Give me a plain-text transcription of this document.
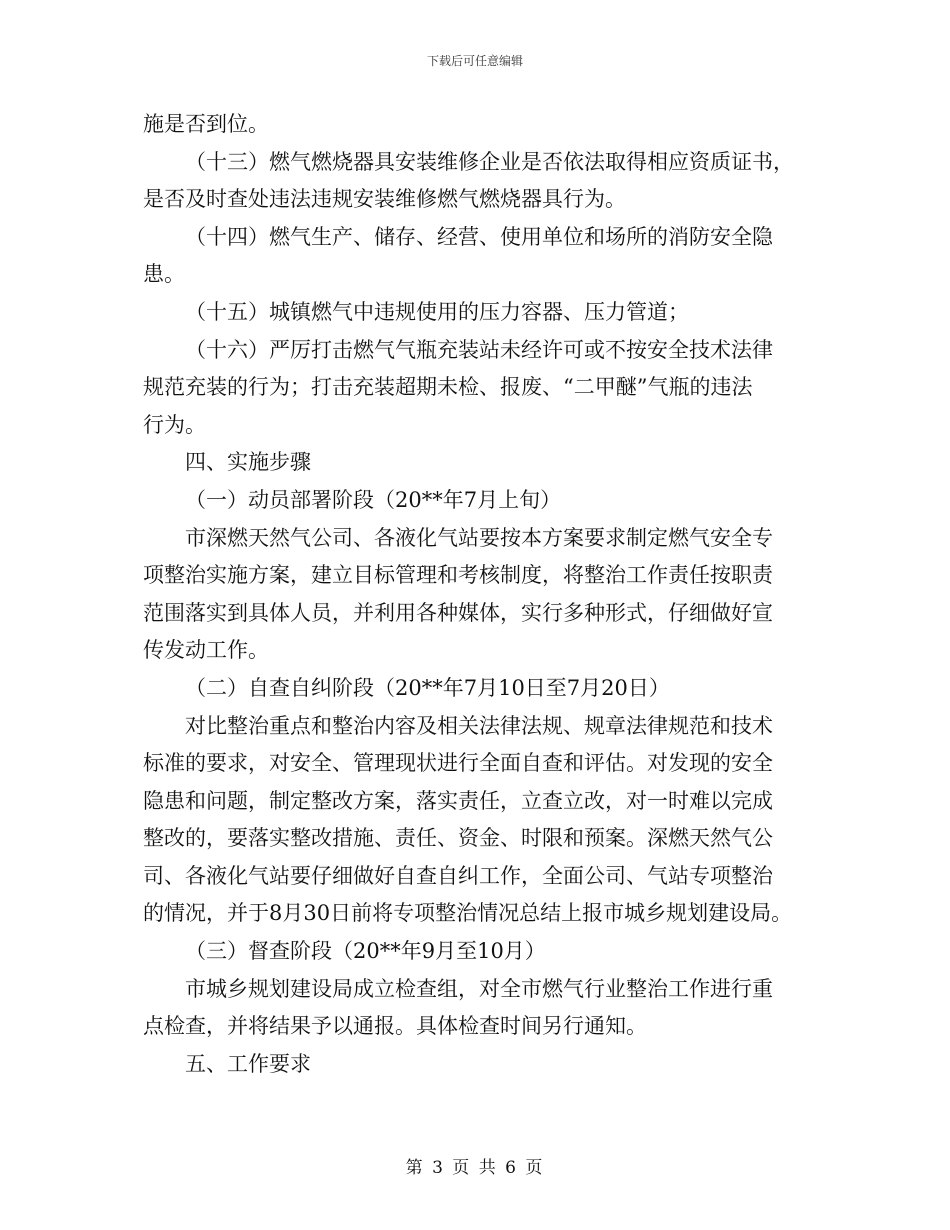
下载后可任意编辑
施是否到位。
（十三）燃气燃烧器具安装维修企业是否依法取得相应资质证书，
是否及时查处违法违规安装维修燃气燃烧器具行为。
（十四）燃气生产、储存、经营、使用单位和场所的消防安全隐
患。
（十五）城镇燃气中违规使用的压力容器、压力管道；
（十六）严厉打击燃气气瓶充装站未经许可或不按安全技术法律
规范充装的行为；打击充装超期未检、报废、“二甲醚”气瓶的违法
行为。
四、实施步骤
（一）动员部署阶段（20**年7月上旬）
市深燃天然气公司、各液化气站要按本方案要求制定燃气安全专
项整治实施方案，建立目标管理和考核制度，将整治工作责任按职责
范围落实到具体人员，并利用各种媒体，实行多种形式，仔细做好宣
传发动工作。
（二）自查自纠阶段（20**年7月10日至7月20日）
对比整治重点和整治内容及相关法律法规、规章法律规范和技术
标准的要求，对安全、管理现状进行全面自查和评估。对发现的安全
隐患和问题，制定整改方案，落实责任，立查立改，对一时难以完成
整改的，要落实整改措施、责任、资金、时限和预案。深燃天然气公
司、各液化气站要仔细做好自查自纠工作，全面公司、气站专项整治
的情况，并于8月30日前将专项整治情况总结上报市城乡规划建设局。
（三）督查阶段（20**年9月至10月）
市城乡规划建设局成立检查组，对全市燃气行业整治工作进行重
点检查，并将结果予以通报。具体检查时间另行通知。
五、工作要求
第 3 页 共 6 页
